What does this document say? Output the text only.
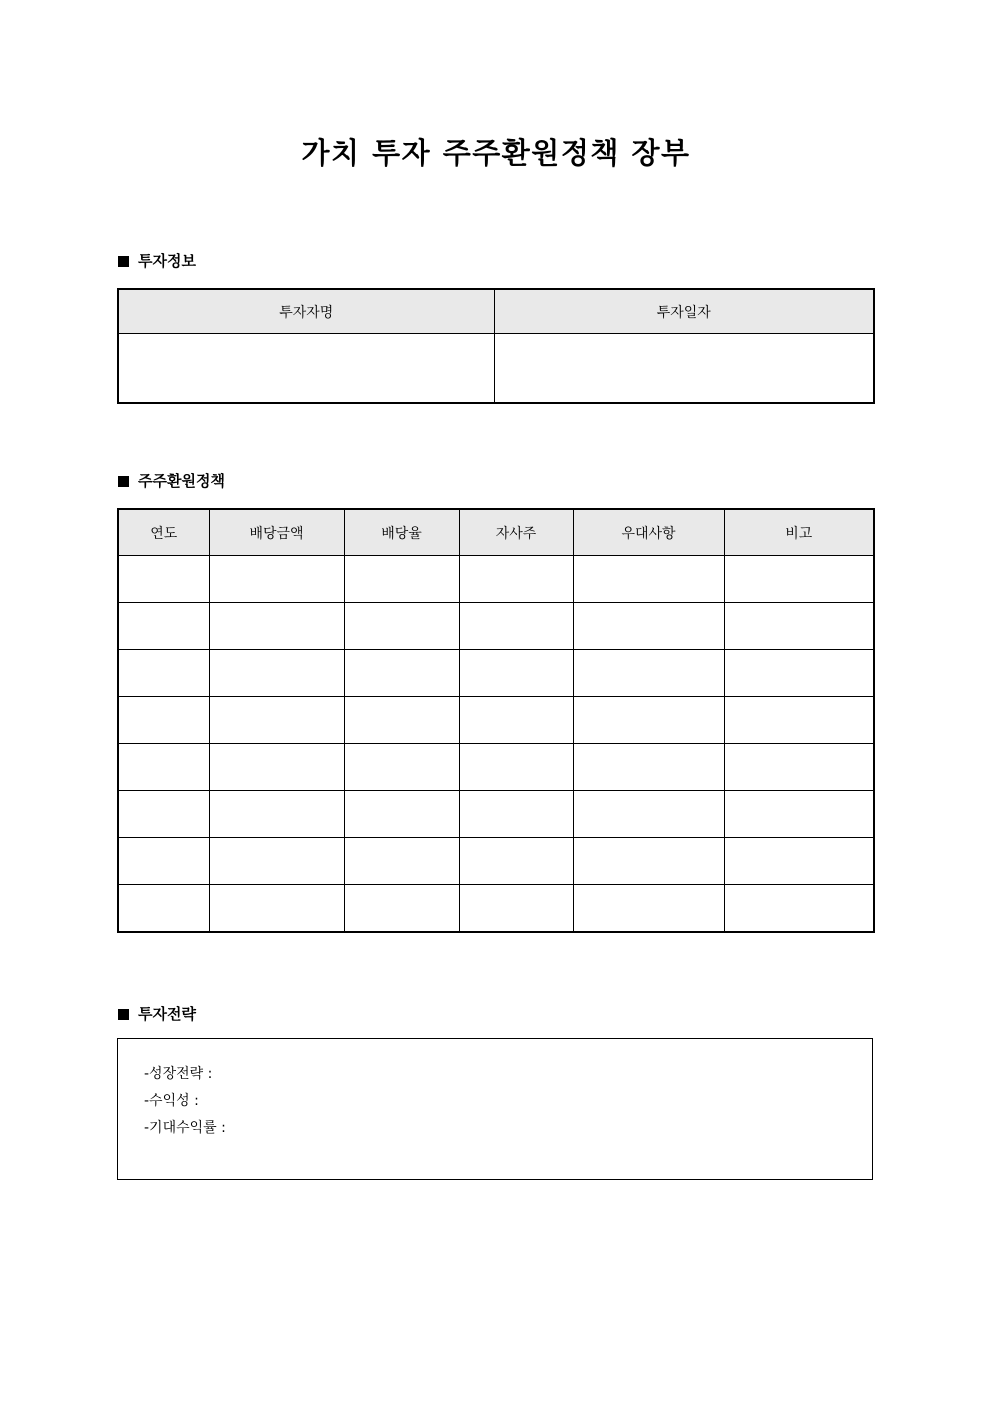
가치 투자 주주환원정책 장부
투자정보
투자자명	투자일자

주주환원정책
연도	배당금액	배당율	자사주	우대사항	비고

투자전략
-성장전략 :
-수익성 :
-기대수익률 :
